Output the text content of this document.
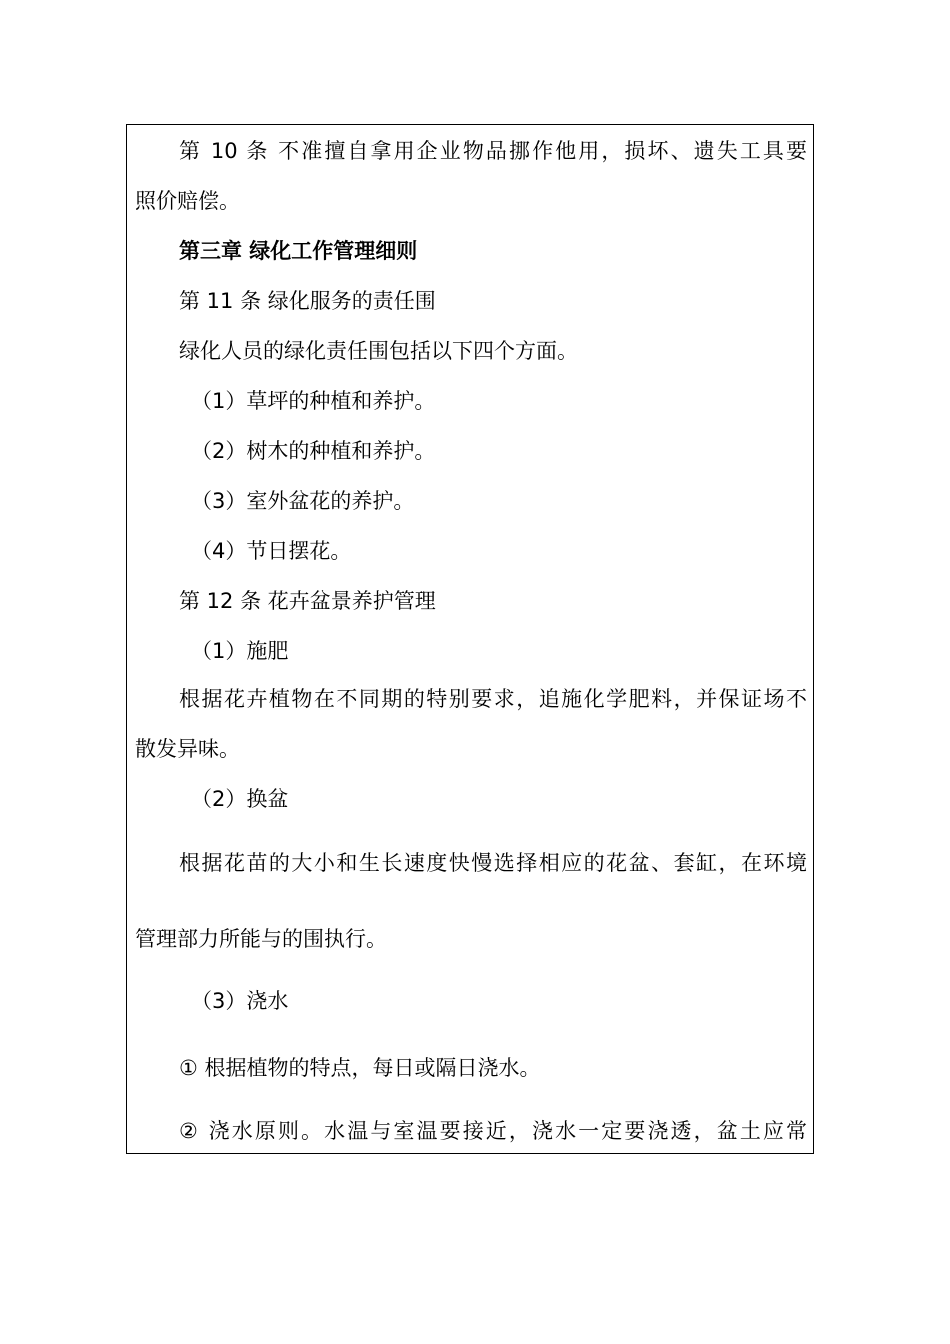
第 10 条 不准擅自拿用企业物品挪作他用，损坏、遗失工具要
照价赔偿。
第三章 绿化工作管理细则
第 11 条 绿化服务的责任围
绿化人员的绿化责任围包括以下四个方面。
（1）草坪的种植和养护。
（2）树木的种植和养护。
（3）室外盆花的养护。
（4）节日摆花。
第 12 条 花卉盆景养护管理
（1）施肥
根据花卉植物在不同期的特别要求，追施化学肥料，并保证场不
散发异味。
（2）换盆
根据花苗的大小和生长速度快慢选择相应的花盆、套缸，在环境
管理部力所能与的围执行。
（3）浇水
① 根据植物的特点，每日或隔日浇水。
② 浇水原则。水温与室温要接近，浇水一定要浇透，盆土应常
